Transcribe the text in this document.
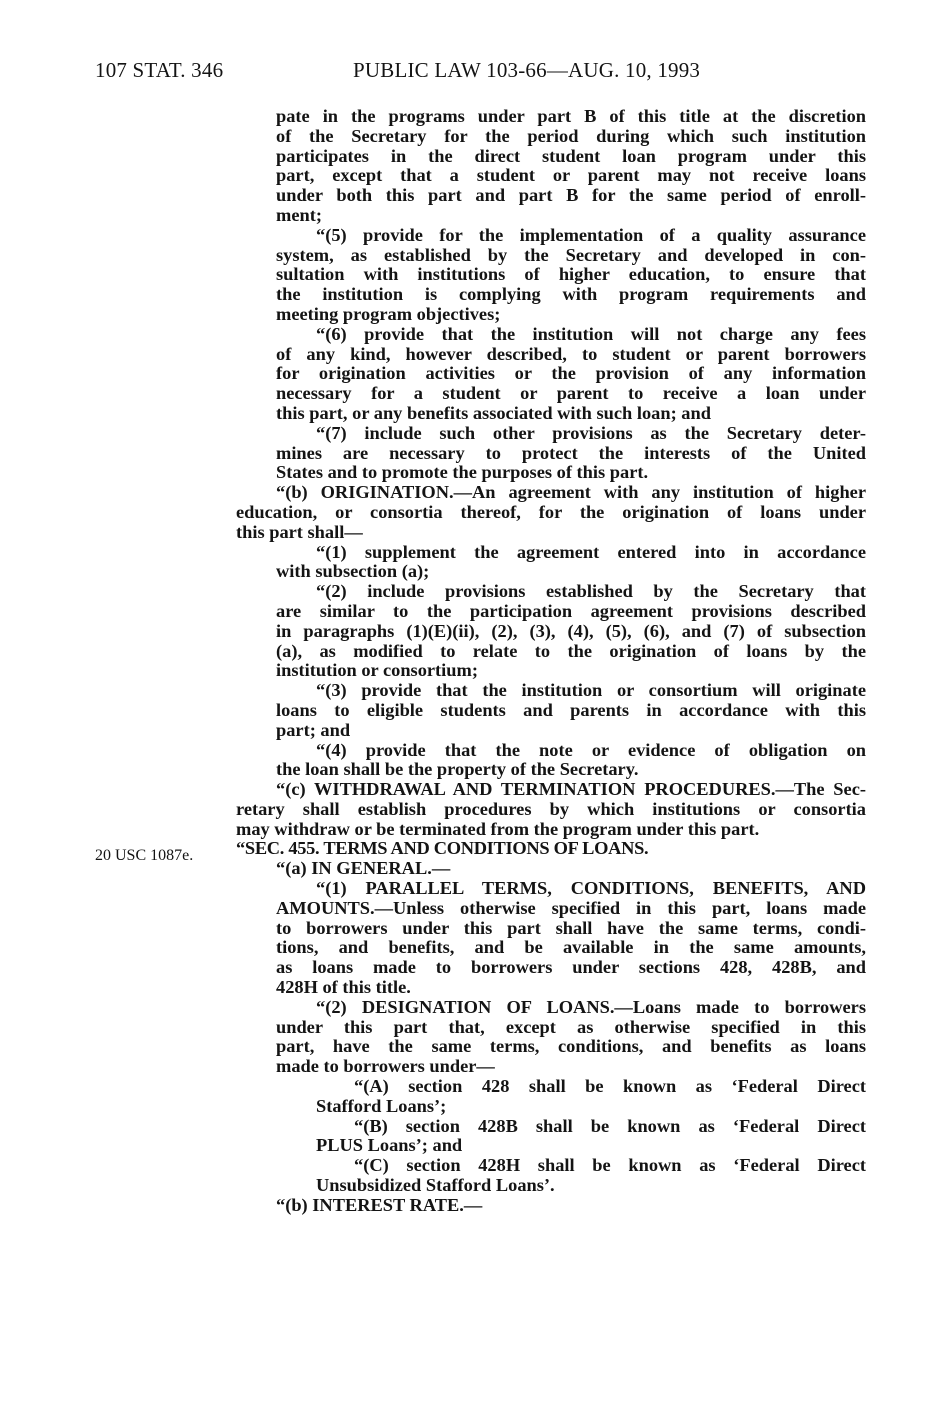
107 STAT. 346	PUBLIC LAW 103-66—AUG. 10, 1993
20 USC 1087e.
pate in the programs under part B of this title at the discretion
of the Secretary for the period during which such institution
participates in the direct student loan program under this
part, except that a student or parent may not receive loans
under both this part and part B for the same period of enroll-
ment;
“(5) provide for the implementation of a quality assurance
system, as established by the Secretary and developed in con-
sultation with institutions of higher education, to ensure that
the institution is complying with program requirements and
meeting program objectives;
“(6) provide that the institution will not charge any fees
of any kind, however described, to student or parent borrowers
for origination activities or the provision of any information
necessary for a student or parent to receive a loan under
this part, or any benefits associated with such loan; and
“(7) include such other provisions as the Secretary deter-
mines are necessary to protect the interests of the United
States and to promote the purposes of this part.
“(b) ORIGINATION.—An agreement with any institution of higher
education, or consortia thereof, for the origination of loans under
this part shall—
“(1) supplement the agreement entered into in accordance
with subsection (a);
“(2) include provisions established by the Secretary that
are similar to the participation agreement provisions described
in paragraphs (1)(E)(ii), (2), (3), (4), (5), (6), and (7) of subsection
(a), as modified to relate to the origination of loans by the
institution or consortium;
“(3) provide that the institution or consortium will originate
loans to eligible students and parents in accordance with this
part; and
“(4) provide that the note or evidence of obligation on
the loan shall be the property of the Secretary.
“(c) WITHDRAWAL AND TERMINATION PROCEDURES.—The Sec-
retary shall establish procedures by which institutions or consortia
may withdraw or be terminated from the program under this part.
“SEC. 455. TERMS AND CONDITIONS OF LOANS.
“(a) IN GENERAL.—
“(1) PARALLEL TERMS, CONDITIONS, BENEFITS, AND
AMOUNTS.—Unless otherwise specified in this part, loans made
to borrowers under this part shall have the same terms, condi-
tions, and benefits, and be available in the same amounts,
as loans made to borrowers under sections 428, 428B, and
428H of this title.
“(2) DESIGNATION OF LOANS.—Loans made to borrowers
under this part that, except as otherwise specified in this
part, have the same terms, conditions, and benefits as loans
made to borrowers under—
“(A) section 428 shall be known as ‘Federal Direct
Stafford Loans’;
“(B) section 428B shall be known as ‘Federal Direct
PLUS Loans’; and
“(C) section 428H shall be known as ‘Federal Direct
Unsubsidized Stafford Loans’.
“(b) INTEREST RATE.—
